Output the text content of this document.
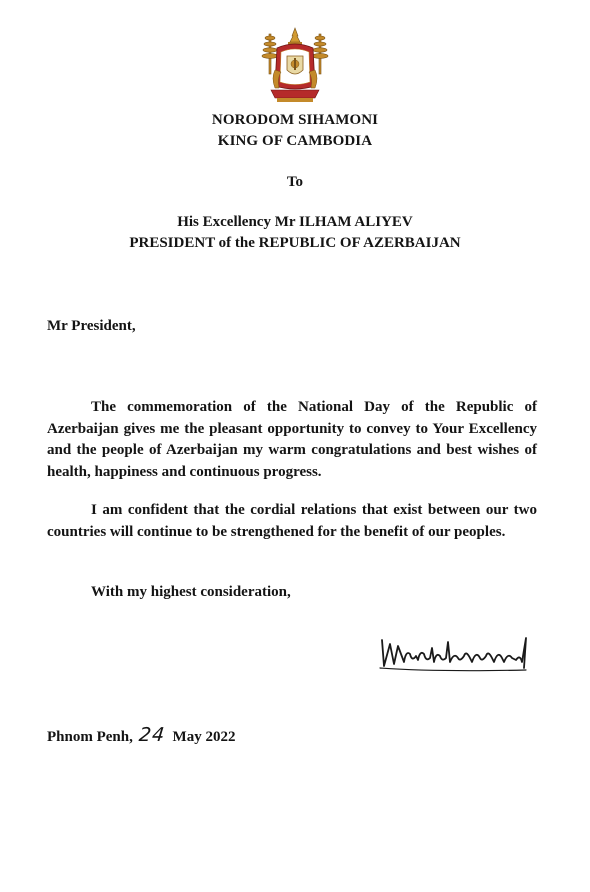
NORODOM SIHAMONI
KING OF CAMBODIA
To
His Excellency Mr ILHAM ALIYEV
PRESIDENT of the REPUBLIC OF AZERBAIJAN
Mr President,

The commemoration of the National Day of the Republic of Azerbaijan gives me the pleasant opportunity to convey to Your Excellency and the people of Azerbaijan my warm congratulations and best wishes of health, happiness and continuous progress.

I am confident that the cordial relations that exist between our two countries will continue to be strengthened for the benefit of our peoples.

With my highest consideration,
Phnom Penh, 24 May 2022
